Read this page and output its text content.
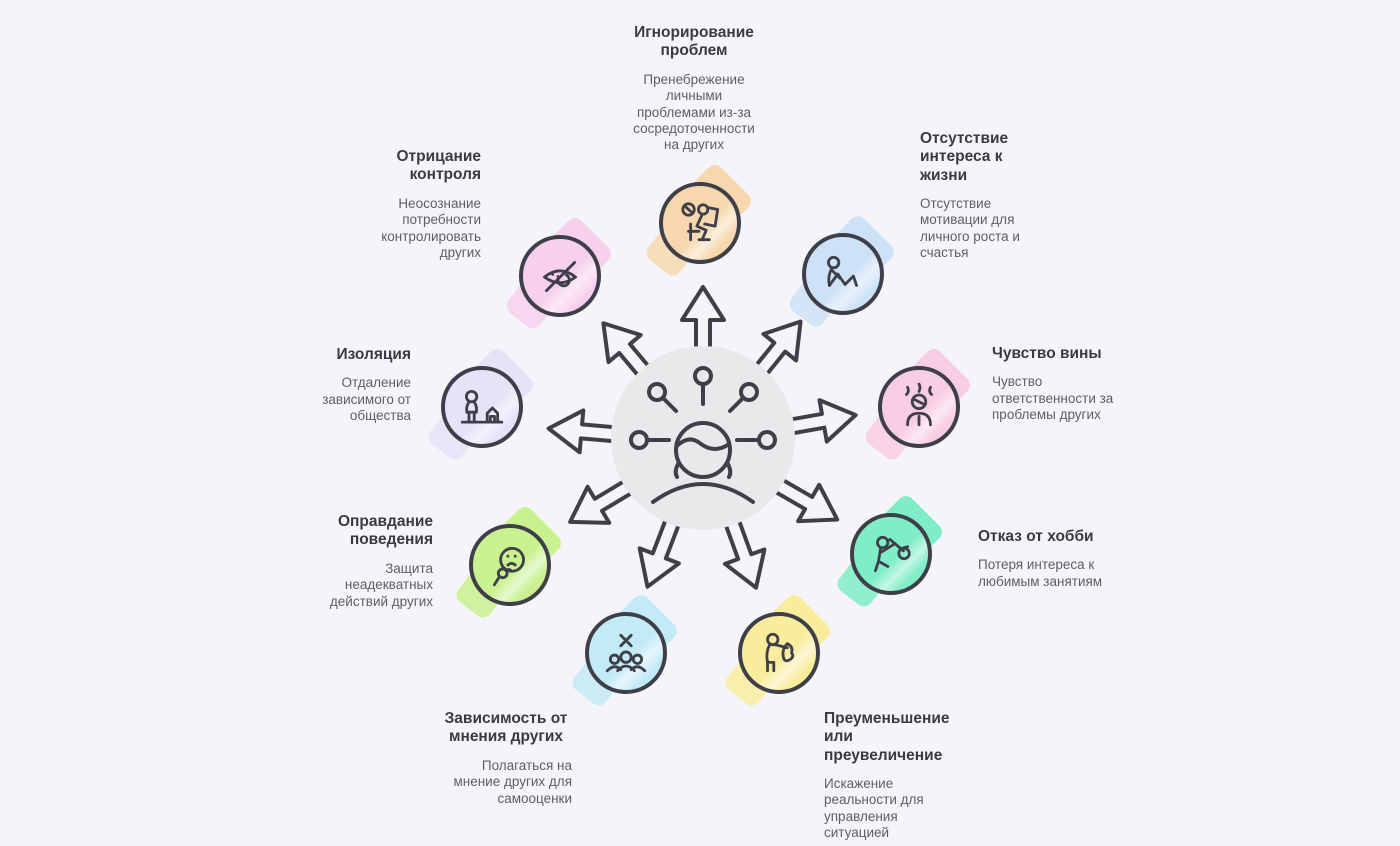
Игнорирование проблем

Пренебрежение личными проблемами из-за сосредоточенности на других	Отсутствие интереса к жизни

Отсутствие мотивации для личного роста и счастья

Чувство вины

Чувство ответственности за проблемы других

Отказ от хобби

Потеря интереса к любимым занятиям

Преуменьшение или преувеличение

Искажение реальности для управления ситуацией

Зависимость от мнения других

Полагаться на мнение других для самооценки

Оправдание поведения

Защита неадекватных действий других

Изоляция

Отдаление зависимого от общества

Отрицание контроля

Неосознание потребности контролировать других
